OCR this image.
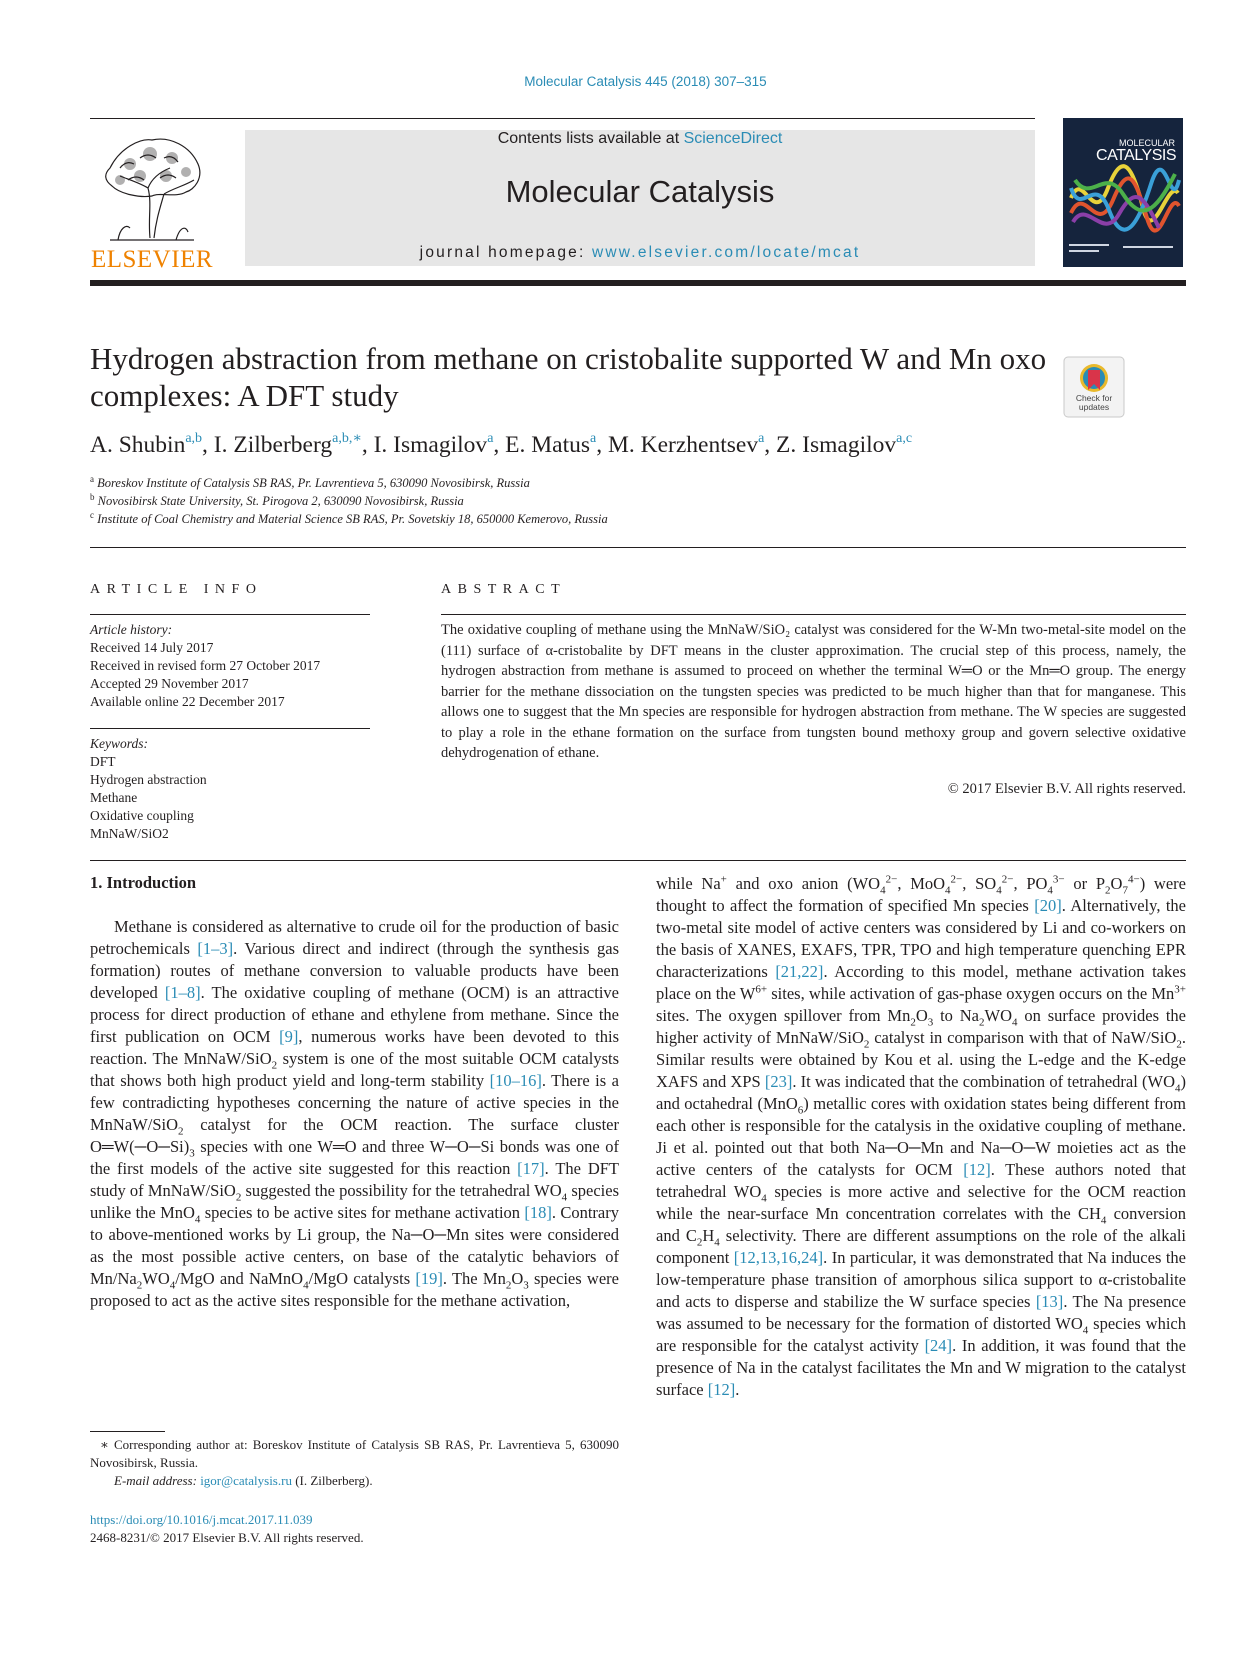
Molecular Catalysis 445 (2018) 307–315
ELSEVIER
Contents lists available at ScienceDirect
Molecular Catalysis
journal homepage: www.elsevier.com/locate/mcat
MOLECULAR
CATALYSIS
Hydrogen abstraction from methane on cristobalite supported W and Mn oxo complexes: A DFT study	Check for updates
A. Shubin$^{a,b}$, I. Zilberberg$^{a,b,∗}$, I. Ismagilov$^a$, E. Matus$^a$, M. Kerzhentsev$^a$, Z. Ismagilov$^{a,c}$
$^a$ Boreskov Institute of Catalysis SB RAS, Pr. Lavrentieva 5, 630090 Novosibirsk, Russia
$^b$ Novosibirsk State University, St. Pirogova 2, 630090 Novosibirsk, Russia
$^c$ Institute of Coal Chemistry and Material Science SB RAS, Pr. Sovetskiy 18, 650000 Kemerovo, Russia
ARTICLE INFO
Article history:
Received 14 July 2017
Received in revised form 27 October 2017
Accepted 29 November 2017
Available online 22 December 2017
Keywords:
DFT
Hydrogen abstraction
Methane
Oxidative coupling
MnNaW/SiO2
ABSTRACT
The oxidative coupling of methane using the MnNaW/SiO₂ catalyst was considered for the W-Mn two-metal-site model on the (111) surface of α-cristobalite by DFT means in the cluster approximation. The crucial step of this process, namely, the hydrogen abstraction from methane is assumed to proceed on whether the terminal W═O or the Mn═O group. The energy barrier for the methane dissociation on the tungsten species was predicted to be much higher than that for manganese. This allows one to suggest that the Mn species are responsible for hydrogen abstraction from methane. The W species are suggested to play a role in the ethane formation on the surface from tungsten bound methoxy group and govern selective oxidative dehydrogenation of ethane.
© 2017 Elsevier B.V. All rights reserved.
1. Introduction
Methane is considered as alternative to crude oil for the production of basic petrochemicals [1–3]. Various direct and indirect (through the synthesis gas formation) routes of methane conversion to valuable products have been developed [1–8]. The oxidative coupling of methane (OCM) is an attractive process for direct production of ethane and ethylene from methane. Since the first publication on OCM [9], numerous works have been devoted to this reaction. The MnNaW/SiO$_2$ system is one of the most suitable OCM catalysts that shows both high product yield and long-term stability [10–16]. There is a few contradicting hypotheses concerning the nature of active species in the MnNaW/SiO$_2$ catalyst for the OCM reaction. The surface cluster $O═W(─O─Si)_3$ species with one W═O and three W─O─Si bonds was one of the first models of the active site suggested for this reaction [17]. The DFT study of MnNaW/SiO$_2$ suggested the possibility for the tetrahedral $WO_4$ species unlike the MnO$_4$ species to be active sites for methane activation [18]. Contrary to above-mentioned works by Li group, the Na─O─Mn sites were considered as the most possible active centers, on base of the catalytic behaviors of $Mn/Na_2WO_4$/MgO and NaMnO$_4$/MgO catalysts [19]. The $Mn_2O_3$ species were proposed to act as the active sites responsible for the methane activation,
while Na+ and oxo anion ($WO_4^{2-}$, MoO$_4^{2-}$, $SO_4^{2-}$, $PO_4^{3-}$ or $P_2O_7^{4-}$) were thought to affect the formation of specified Mn species [20]. Alternatively, the two-metal site model of active centers was considered by Li and co-workers on the basis of XANES, EXAFS, TPR, TPO and high temperature quenching EPR characterizations [21,22]. According to this model, methane activation takes place on the $W^{6+}$ sites, while activation of gas-phase oxygen occurs on the $Mn^{3+}$ sites. The oxygen spillover from $Mn_2O_3$ to $Na_2WO_4$ on surface provides the higher activity of MnNaW/SiO$_2$ catalyst in comparison with that of NaW/SiO$_2$. Similar results were obtained by Kou et al. using the L-edge and the K-edge XAFS and XPS [23]. It was indicated that the combination of tetrahedral $(WO_4)$ and octahedral (MnO$_6$) metallic cores with oxidation states being different from each other is responsible for the catalysis in the oxidative coupling of methane. Ji et al. pointed out that both Na─O─Mn and Na─O─W moieties act as the active centers of the catalysts for OCM [12]. These authors noted that tetrahedral $WO_4$ species is more active and selective for the OCM reaction while the near-surface Mn concentration correlates with the $CH_4$ conversion and $C_2H_4$ selectivity. There are different assumptions on the role of the alkali component [12,13,16,24]. In particular, it was demonstrated that Na induces the low-temperature phase transition of amorphous silica support to α-cristobalite and acts to disperse and stabilize the W surface species [13]. The Na presence was assumed to be necessary for the formation of distorted $WO_4$ species which are responsible for the catalyst activity [24]. In addition, it was found that the presence of Na in the catalyst facilitates the Mn and W migration to the catalyst surface [12].
∗ Corresponding author at: Boreskov Institute of Catalysis SB RAS, Pr. Lavrentieva 5, 630090 Novosibirsk, Russia.
E-mail address: igor@catalysis.ru (I. Zilberberg).
https://doi.org/10.1016/j.mcat.2017.11.039
2468-8231/© 2017 Elsevier B.V. All rights reserved.
